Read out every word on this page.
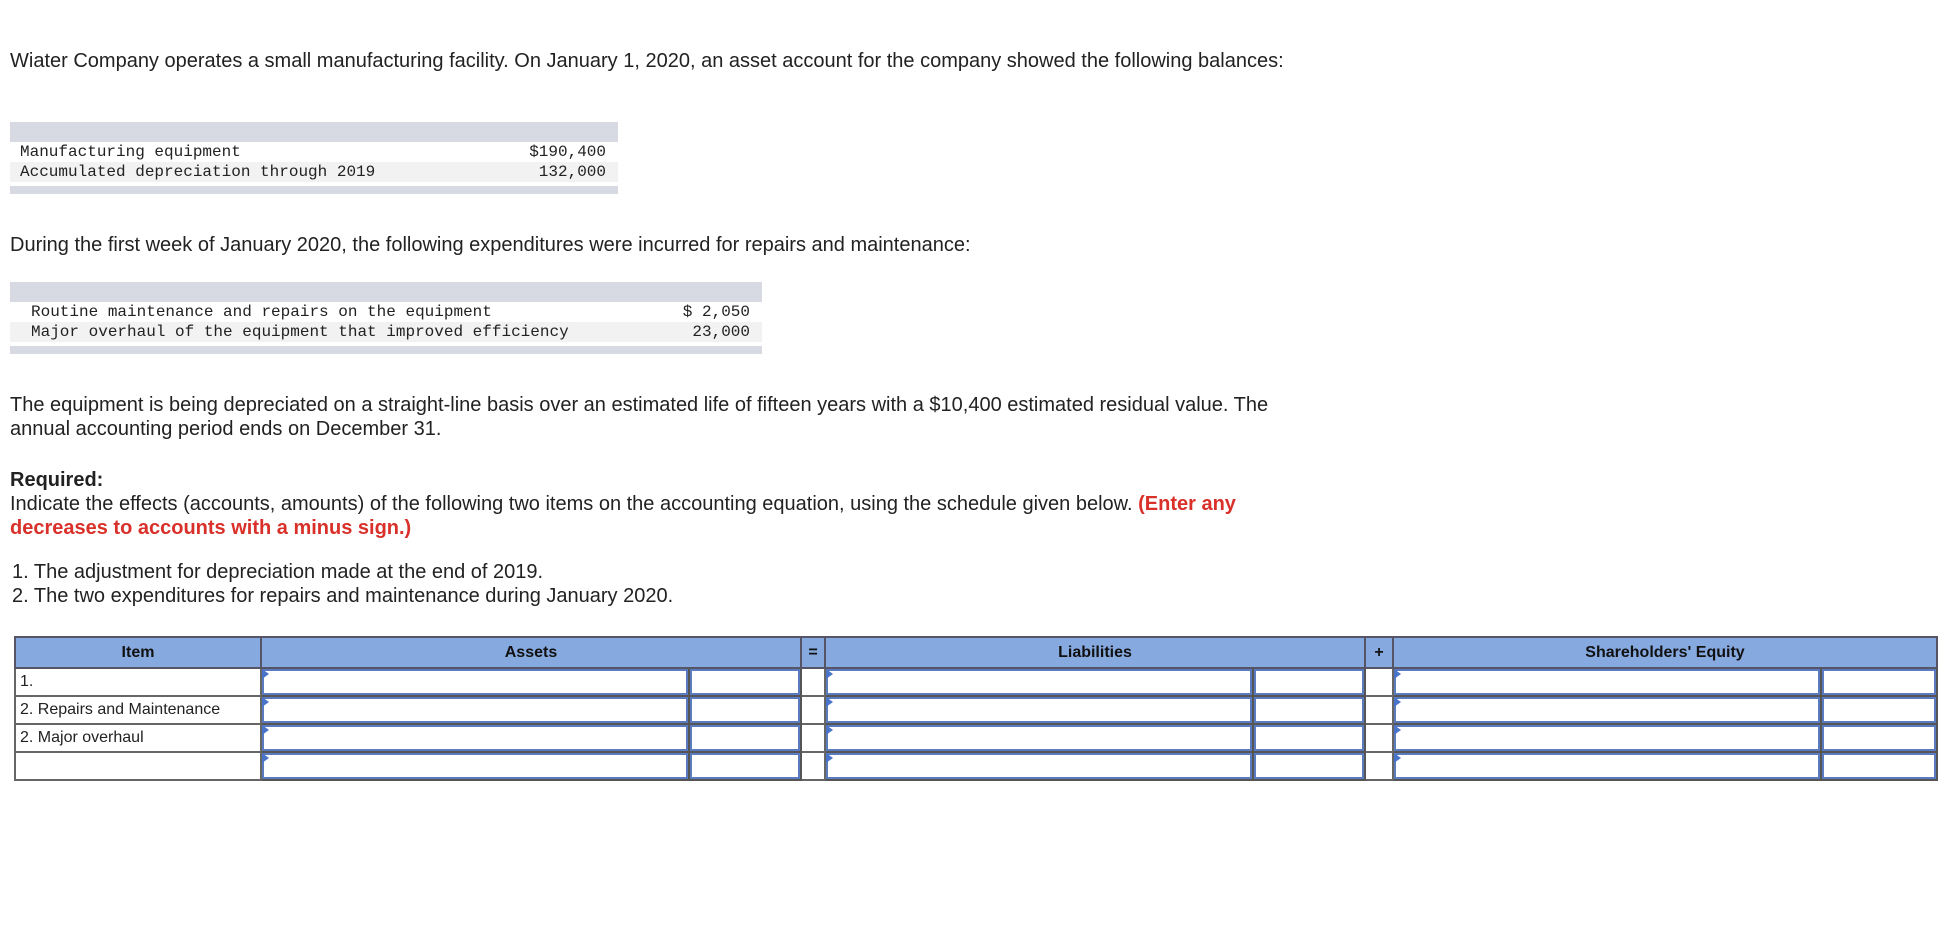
Wiater Company operates a small manufacturing facility. On January 1, 2020, an asset account for the company showed the following balances:

Manufacturing equipment	$190,400
Accumulated depreciation through 2019	132,000

During the first week of January 2020, the following expenditures were incurred for repairs and maintenance:

Routine maintenance and repairs on the equipment	$ 2,050
Major overhaul of the equipment that improved efficiency	23,000

The equipment is being depreciated on a straight-line basis over an estimated life of fifteen years with a $10,400 estimated residual value. The annual accounting period ends on December 31.

Required:

Indicate the effects (accounts, amounts) of the following two items on the accounting equation, using the schedule given below. (Enter any decreases to accounts with a minus sign.)

1. The adjustment for depreciation made at the end of 2019.
2. The two expenditures for repairs and maintenance during January 2020.
Item	Assets		=	Liabilities		+	Shareholders' Equity	
1.	

2. Repairs and Maintenance	

2. Major overhaul	
